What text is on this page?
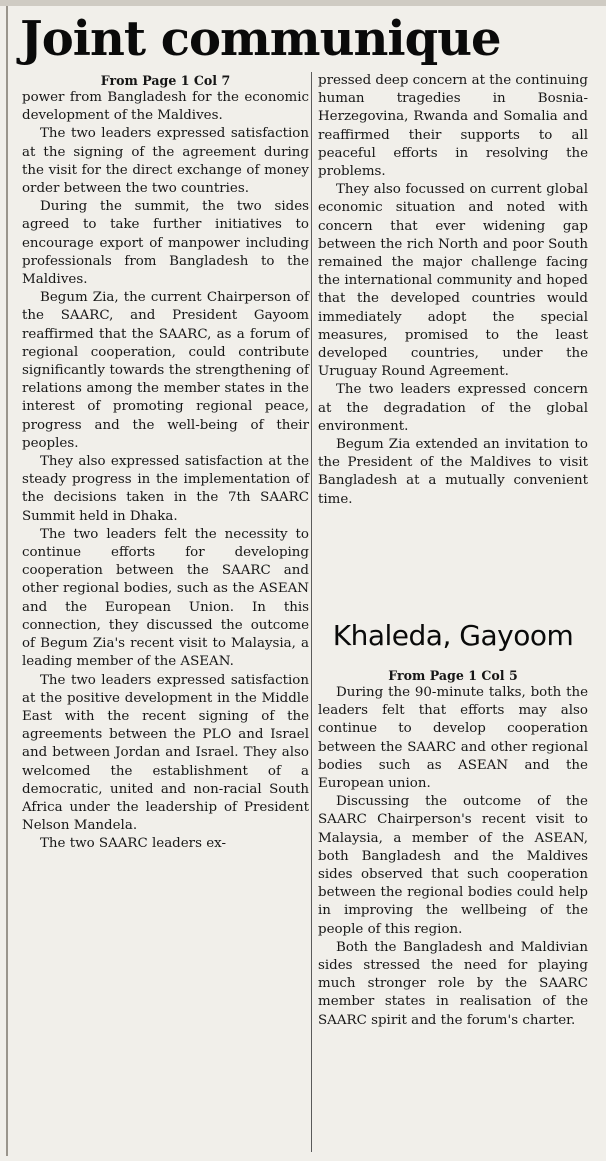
Joint communique

From Page 1 Col 7

power from Bangladesh for the economic development of the Maldives.

The two leaders expressed satisfaction at the signing of the agreement during the visit for the direct exchange of money order between the two countries.

During the summit, the two sides agreed to take further initiatives to encourage export of manpower including professionals from Bangladesh to the Maldives.

Begum Zia, the current Chairperson of the SAARC, and President Gayoom reaffirmed that the SAARC, as a forum of regional cooperation, could contribute significantly towards the strengthening of relations among the member states in the interest of promoting regional peace, progress and the well-being of their peoples.

They also expressed satisfaction at the steady progress in the implementation of the decisions taken in the 7th SAARC Summit held in Dhaka.

The two leaders felt the necessity to continue efforts for developing cooperation between the SAARC and other regional bodies, such as the ASEAN and the European Union. In this connection, they discussed the outcome of Begum Zia's recent visit to Malaysia, a leading member of the ASEAN.

The two leaders expressed satisfaction at the positive development in the Middle East with the recent signing of the agreements between the PLO and Israel and between Jordan and Israel. They also welcomed the establishment of a democratic, united and non-racial South Africa under the leadership of President Nelson Mandela.

The two SAARC leaders ex-

pressed deep concern at the continuing human tragedies in Bosnia-Herzegovina, Rwanda and Somalia and reaffirmed their supports to all peaceful efforts in resolving the problems.

They also focussed on current global economic situation and noted with concern that ever widening gap between the rich North and poor South remained the major challenge facing the international community and hoped that the developed countries would immediately adopt the special measures, promised to the least developed countries, under the Uruguay Round Agreement.

The two leaders expressed concern at the degradation of the global environment.

Begum Zia extended an invitation to the President of the Maldives to visit Bangladesh at a mutually convenient time.

Khaleda, Gayoom

From Page 1 Col 5

During the 90-minute talks, both the leaders felt that efforts may also continue to develop cooperation between the SAARC and other regional bodies such as ASEAN and the European union.

Discussing the outcome of the SAARC Chairperson's recent visit to Malaysia, a member of the ASEAN, both Bangladesh and the Maldives sides observed that such cooperation between the regional bodies could help in improving the wellbeing of the people of this region.

Both the Bangladesh and Maldivian sides stressed the need for playing much stronger role by the SAARC member states in realisation of the SAARC spirit and the forum's charter.
